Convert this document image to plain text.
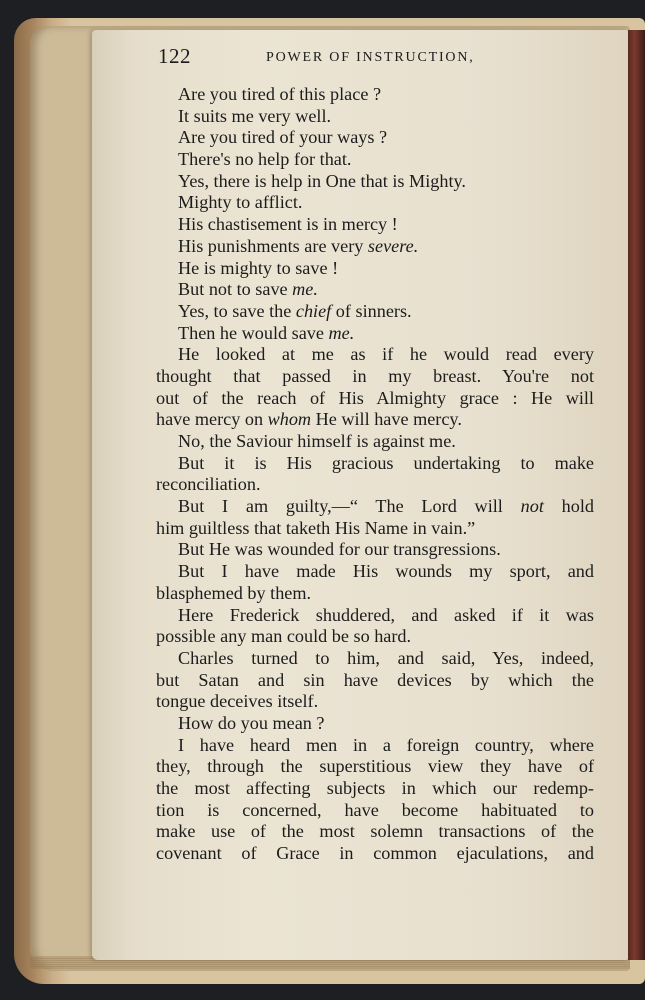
122	POWER OF INSTRUCTION,
Are you tired of this place ?
It suits me very well.
Are you tired of your ways ?
There's no help for that.
Yes, there is help in One that is Mighty.
Mighty to afflict.
His chastisement is in mercy !
His punishments are very severe.
He is mighty to save !
But not to save me.
Yes, to save the chief of sinners.
Then he would save me.
He looked at me as if he would read every
thought that passed in my breast. You're not
out of the reach of His Almighty grace : He will
have mercy on whom He will have mercy.
No, the Saviour himself is against me.
But it is His gracious undertaking to make
reconciliation.
But I am guilty,—“ The Lord will not hold
him guiltless that taketh His Name in vain.”
But He was wounded for our transgressions.
But I have made His wounds my sport, and
blasphemed by them.
Here Frederick shuddered, and asked if it was
possible any man could be so hard.
Charles turned to him, and said, Yes, indeed,
but Satan and sin have devices by which the
tongue deceives itself.
How do you mean ?
I have heard men in a foreign country, where
they, through the superstitious view they have of
the most affecting subjects in which our redemp-
tion is concerned, have become habituated to
make use of the most solemn transactions of the
covenant of Grace in common ejaculations, and
